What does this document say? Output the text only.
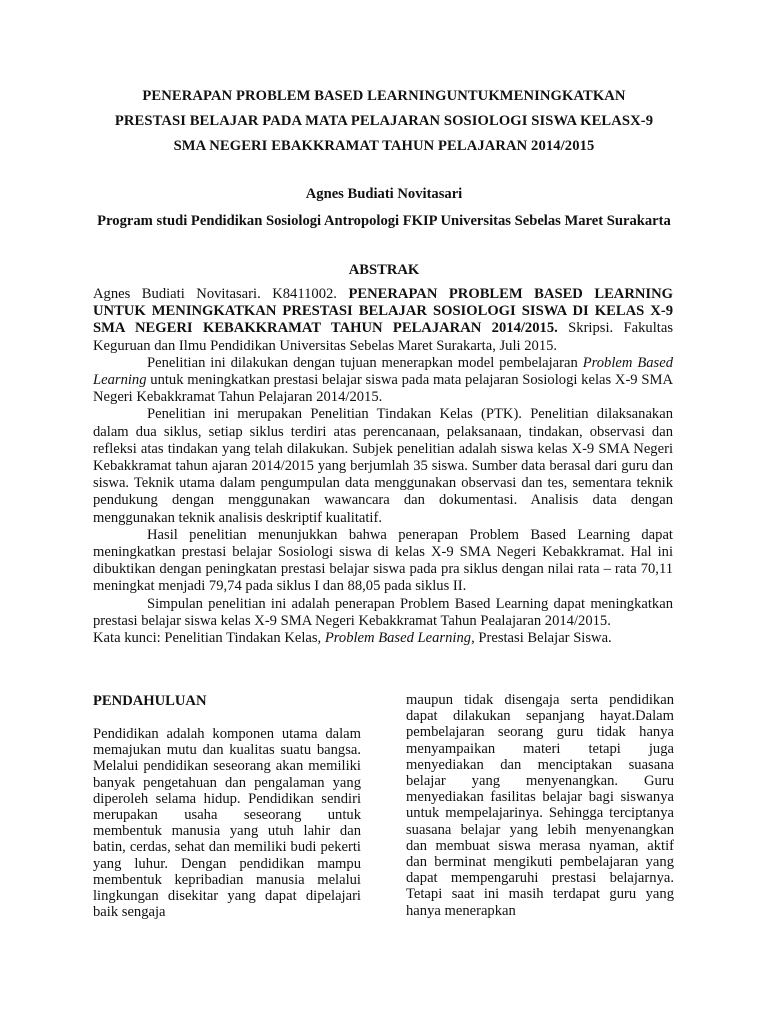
PENERAPAN PROBLEM BASED LEARNINGUNTUKMENINGKATKAN
PRESTASI BELAJAR PADA MATA PELAJARAN SOSIOLOGI SISWA KELASX-9
SMA NEGERI EBAKKRAMAT TAHUN PELAJARAN 2014/2015
Agnes Budiati Novitasari
Program studi Pendidikan Sosiologi Antropologi FKIP Universitas Sebelas Maret Surakarta
ABSTRAK

Agnes Budiati Novitasari. K8411002. PENERAPAN PROBLEM BASED LEARNING UNTUK MENINGKATKAN PRESTASI BELAJAR SOSIOLOGI SISWA DI KELAS X-9 SMA NEGERI KEBAKKRAMAT TAHUN PELAJARAN 2014/2015. Skripsi. Fakultas Keguruan dan Ilmu Pendidikan Universitas Sebelas Maret Surakarta, Juli 2015.

Penelitian ini dilakukan dengan tujuan menerapkan model pembelajaran Problem Based Learning untuk meningkatkan prestasi belajar siswa pada mata pelajaran Sosiologi kelas X-9 SMA Negeri Kebakkramat Tahun Pelajaran 2014/2015.

Penelitian ini merupakan Penelitian Tindakan Kelas (PTK). Penelitian dilaksanakan dalam dua siklus, setiap siklus terdiri atas perencanaan, pelaksanaan, tindakan, observasi dan refleksi atas tindakan yang telah dilakukan. Subjek penelitian adalah siswa kelas X-9 SMA Negeri Kebakkramat tahun ajaran 2014/2015 yang berjumlah 35 siswa. Sumber data berasal dari guru dan siswa. Teknik utama dalam pengumpulan data menggunakan observasi dan tes, sementara teknik pendukung dengan menggunakan wawancara dan dokumentasi. Analisis data dengan menggunakan teknik analisis deskriptif kualitatif.

Hasil penelitian menunjukkan bahwa penerapan Problem Based Learning dapat meningkatkan prestasi belajar Sosiologi siswa di kelas X-9 SMA Negeri Kebakkramat. Hal ini dibuktikan dengan peningkatan prestasi belajar siswa pada pra siklus dengan nilai rata – rata 70,11 meningkat menjadi 79,74 pada siklus I dan 88,05 pada siklus II.

Simpulan penelitian ini adalah penerapan Problem Based Learning dapat meningkatkan prestasi belajar siswa kelas X-9 SMA Negeri Kebakkramat Tahun Pealajaran 2014/2015.

Kata kunci: Penelitian Tindakan Kelas, Problem Based Learning, Prestasi Belajar Siswa.

PENDAHULUAN

Pendidikan adalah komponen utama dalam memajukan mutu dan kualitas suatu bangsa. Melalui pendidikan seseorang akan memiliki banyak pengetahuan dan pengalaman yang diperoleh selama hidup. Pendidikan sendiri merupakan usaha seseorang untuk membentuk manusia yang utuh lahir dan batin, cerdas, sehat dan memiliki budi pekerti yang luhur. Dengan pendidikan mampu membentuk kepribadian manusia melalui lingkungan disekitar yang dapat dipelajari baik sengaja

maupun tidak disengaja serta pendidikan dapat dilakukan sepanjang hayat.Dalam pembelajaran seorang guru tidak hanya menyampaikan materi tetapi juga menyediakan dan menciptakan suasana belajar yang menyenangkan. Guru menyediakan fasilitas belajar bagi siswanya untuk mempelajarinya. Sehingga terciptanya suasana belajar yang lebih menyenangkan dan membuat siswa merasa nyaman, aktif dan berminat mengikuti pembelajaran yang dapat mempengaruhi prestasi belajarnya. Tetapi saat ini masih terdapat guru yang hanya menerapkan
